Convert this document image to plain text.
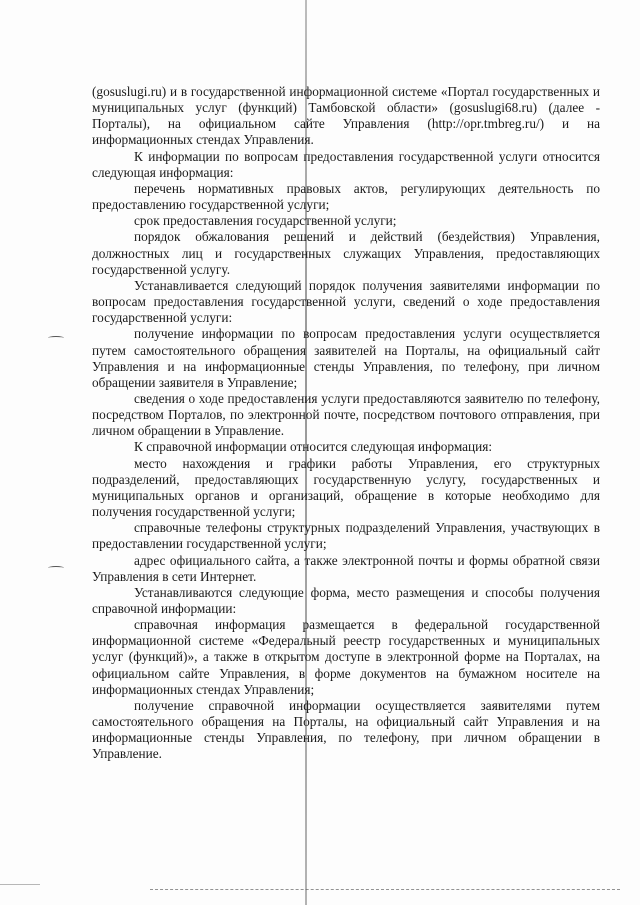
(gosuslugi.ru) и в государственной информационной системе «Портал государственных и муниципальных услуг (функций) Тамбовской области» (gosuslugi68.ru) (далее - Порталы), на официальном сайте Управления (http://opr.tmbreg.ru/) и на информационных стендах Управления.

К информации по вопросам предоставления государственной услуги относится следующая информация:

перечень нормативных правовых актов, регулирующих деятельность по предоставлению государственной услуги;

срок предоставления государственной услуги;

порядок обжалования решений и действий (бездействия) Управления, должностных лиц и государственных служащих Управления, предоставляющих государственной услугу.

Устанавливается следующий порядок получения заявителями информации по вопросам предоставления государственной услуги, сведений о ходе предоставления государственной услуги:

получение информации по вопросам предоставления услуги осуществляется путем самостоятельного обращения заявителей на Порталы, на официальный сайт Управления и на информационные стенды Управления, по телефону, при личном обращении заявителя в Управление;

сведения о ходе предоставления услуги предоставляются заявителю по телефону, посредством Порталов, по электронной почте, посредством почтового отправления, при личном обращении в Управление.

К справочной информации относится следующая информация:

место нахождения и графики работы Управления, его структурных подразделений, предоставляющих государственную услугу, государственных и муниципальных органов и организаций, обращение в которые необходимо для получения государственной услуги;

справочные телефоны структурных подразделений Управления, участвующих в предоставлении государственной услуги;

адрес официального сайта, а также электронной почты и формы обратной связи Управления в сети Интернет.

Устанавливаются следующие форма, место размещения и способы получения справочной информации:

справочная информация размещается в федеральной государственной информационной системе «Федеральный реестр государственных и муниципальных услуг (функций)», а также в открытом доступе в электронной форме на Порталах, на официальном сайте Управления, в форме документов на бумажном носителе на информационных стендах Управления;

получение справочной информации осуществляется заявителями путем самостоятельного обращения на Порталы, на официальный сайт Управления и на информационные стенды Управления, по телефону, при личном обращении в Управление.
